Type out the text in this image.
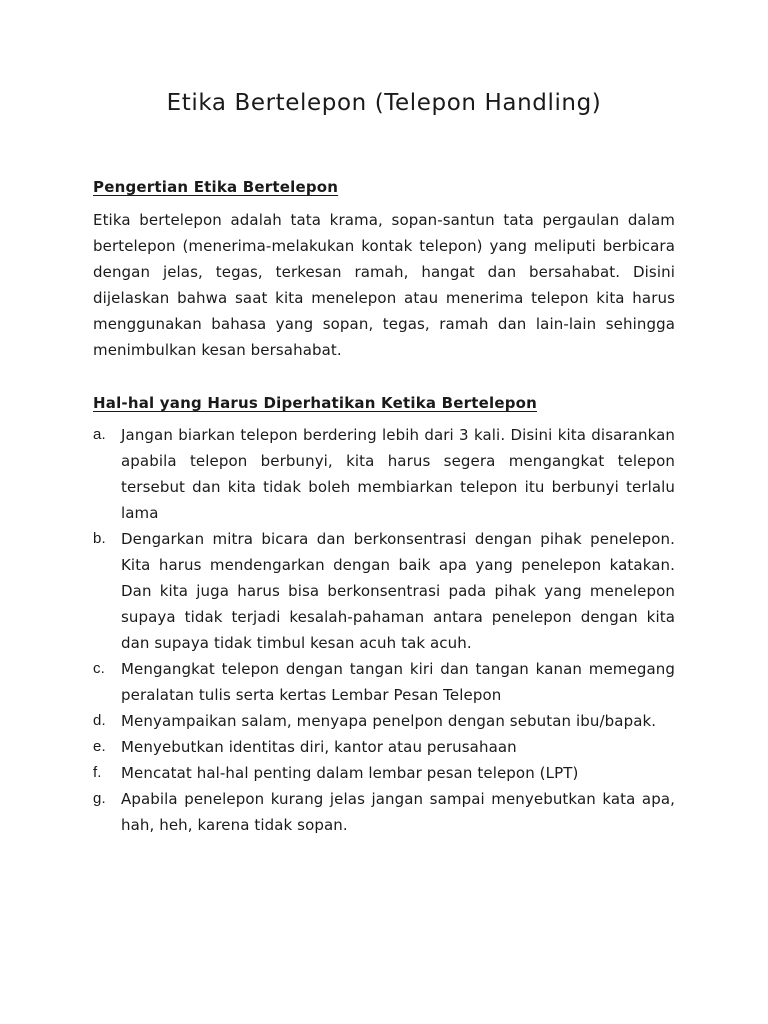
Etika Bertelepon (Telepon Handling)
Pengertian Etika Bertelepon

Etika bertelepon adalah tata krama, sopan-santun tata pergaulan dalam bertelepon (menerima-melakukan kontak telepon) yang meliputi berbicara dengan jelas, tegas, terkesan ramah, hangat dan bersahabat. Disini dijelaskan bahwa saat kita menelepon atau menerima telepon kita harus menggunakan bahasa yang sopan, tegas, ramah dan lain-lain sehingga menimbulkan kesan bersahabat.

Hal-hal yang Harus Diperhatikan Ketika Bertelepon
a.	Jangan biarkan telepon berdering lebih dari 3 kali. Disini kita disarankan apabila telepon berbunyi, kita harus segera mengangkat telepon tersebut dan kita tidak boleh membiarkan telepon itu berbunyi terlalu lama
b.	Dengarkan mitra bicara dan berkonsentrasi dengan pihak penelepon. Kita harus mendengarkan dengan baik apa yang penelepon katakan. Dan kita juga harus bisa berkonsentrasi pada pihak yang menelepon supaya tidak terjadi kesalah-pahaman antara penelepon dengan kita dan supaya tidak timbul kesan acuh tak acuh.
c.	Mengangkat telepon dengan tangan kiri dan tangan kanan memegang peralatan tulis serta kertas Lembar Pesan Telepon
d.	Menyampaikan salam, menyapa penelpon dengan sebutan ibu/bapak.
e.	Menyebutkan identitas diri, kantor atau perusahaan
f.	Mencatat hal-hal penting dalam lembar pesan telepon (LPT)
g.	Apabila penelepon kurang jelas jangan sampai menyebutkan kata apa, hah, heh, karena tidak sopan.
